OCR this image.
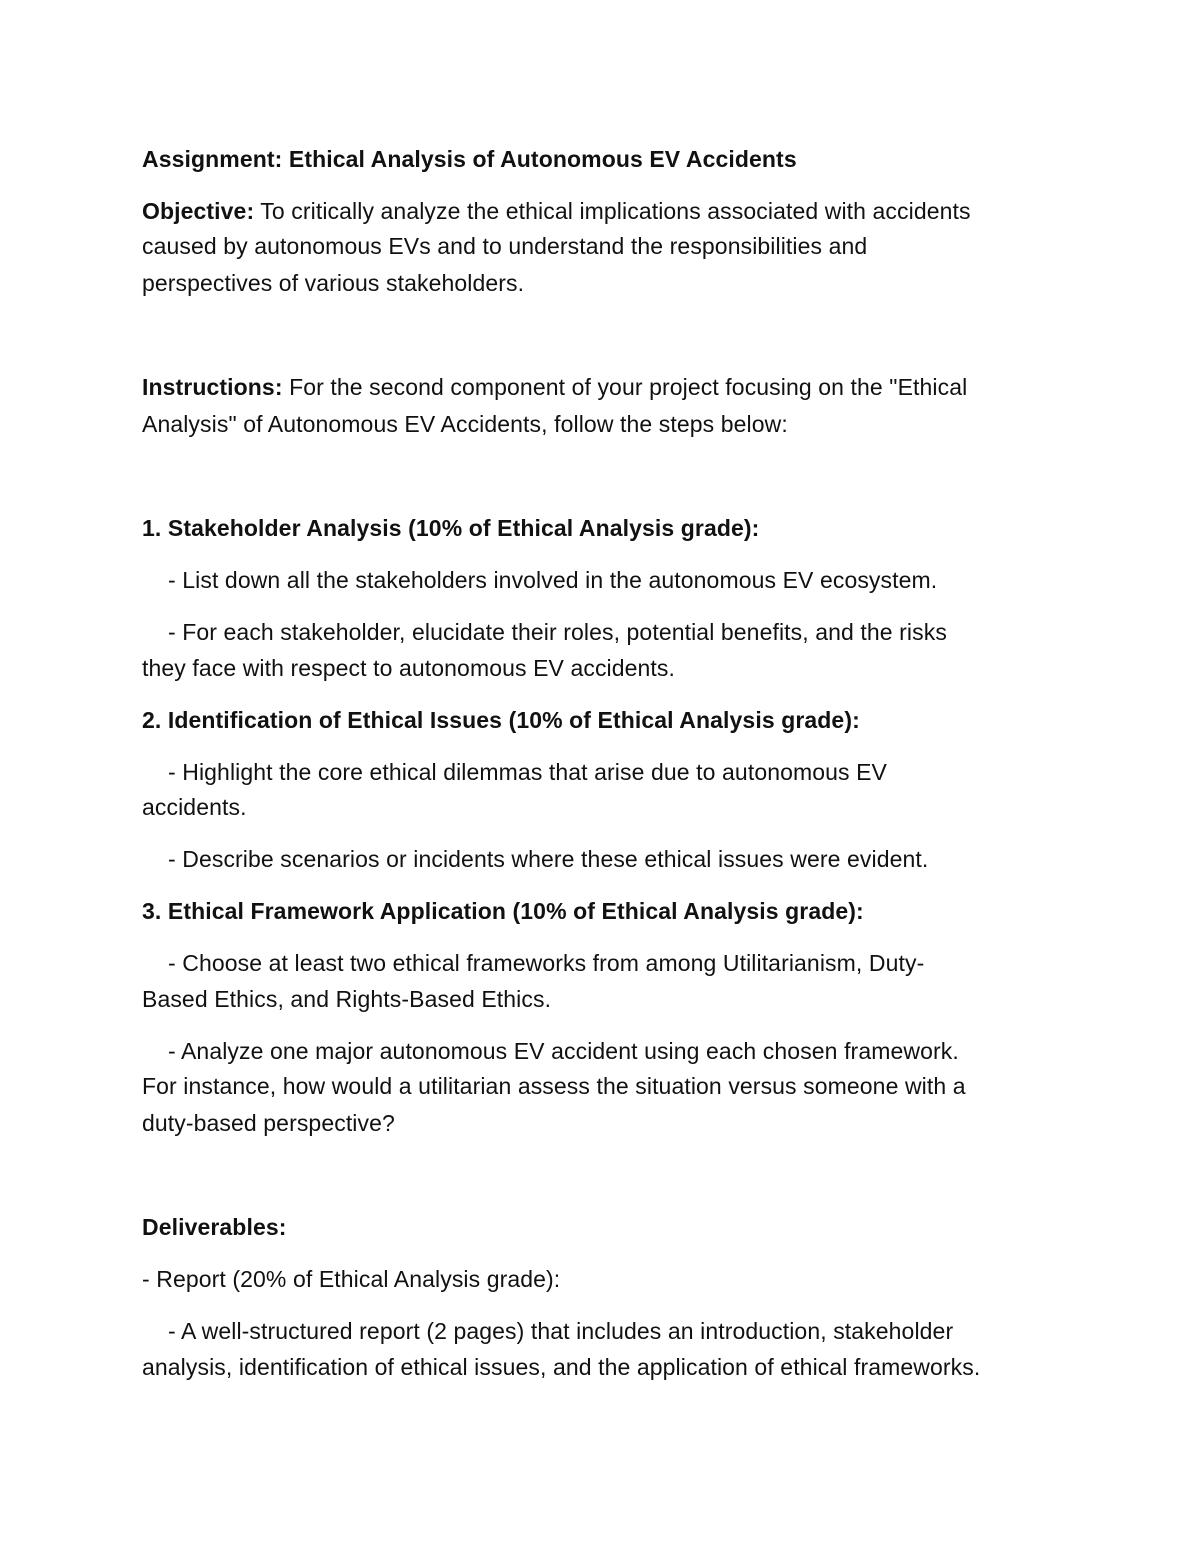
Assignment: Ethical Analysis of Autonomous EV Accidents
Objective: To critically analyze the ethical implications associated with accidents
caused by autonomous EVs and to understand the responsibilities and
perspectives of various stakeholders.
Instructions: For the second component of your project focusing on the "Ethical
Analysis" of Autonomous EV Accidents, follow the steps below:
1. Stakeholder Analysis (10% of Ethical Analysis grade):
- List down all the stakeholders involved in the autonomous EV ecosystem.
- For each stakeholder, elucidate their roles, potential benefits, and the risks
they face with respect to autonomous EV accidents.
2. Identification of Ethical Issues (10% of Ethical Analysis grade):
- Highlight the core ethical dilemmas that arise due to autonomous EV
accidents.
- Describe scenarios or incidents where these ethical issues were evident.
3. Ethical Framework Application (10% of Ethical Analysis grade):
- Choose at least two ethical frameworks from among Utilitarianism, Duty-
Based Ethics, and Rights-Based Ethics.
- Analyze one major autonomous EV accident using each chosen framework.
For instance, how would a utilitarian assess the situation versus someone with a
duty-based perspective?
Deliverables:
- Report (20% of Ethical Analysis grade):
- A well-structured report (2 pages) that includes an introduction, stakeholder
analysis, identification of ethical issues, and the application of ethical frameworks.
